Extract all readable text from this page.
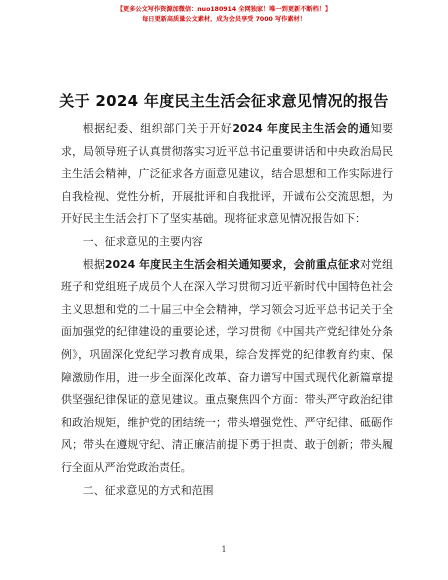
【更多公文写作资源加微信：nuo180914 全网独家！唯一到更新不断档！】
每日更新高质量公文素材，成为会员享受 7000 写作素材！
关于 2024 年度民主生活会征求意见情况的报告

根据纪委、组织部门关于开好2024 年度民主生活会的通知要求，局领导班子认真贯彻落实习近平总书记重要讲话和中央政治局民主生活会精神，广泛征求各方面意见建议，结合思想和工作实际进行自我检视、党性分析，开展批评和自我批评，开诚布公交流思想，为开好民主生活会打下了坚实基础。现将征求意见情况报告如下：

一、征求意见的主要内容

根据2024 年度民主生活会相关通知要求，会前重点征求对党组班子和党组班子成员个人在深入学习贯彻习近平新时代中国特色社会主义思想和党的二十届三中全会精神，学习领会习近平总书记关于全面加强党的纪律建设的重要论述，学习贯彻《中国共产党纪律处分条例》，巩固深化党纪学习教育成果，综合发挥党的纪律教育约束、保障激励作用，进一步全面深化改革、奋力谱写中国式现代化新篇章提供坚强纪律保证的意见建议。重点聚焦四个方面：带头严守政治纪律和政治规矩，维护党的团结统一；带头增强党性、严守纪律、砥砺作风；带头在遵规守纪、清正廉洁前提下勇于担责、敢于创新；带头履行全面从严治党政治责任。

二、征求意见的方式和范围

1
